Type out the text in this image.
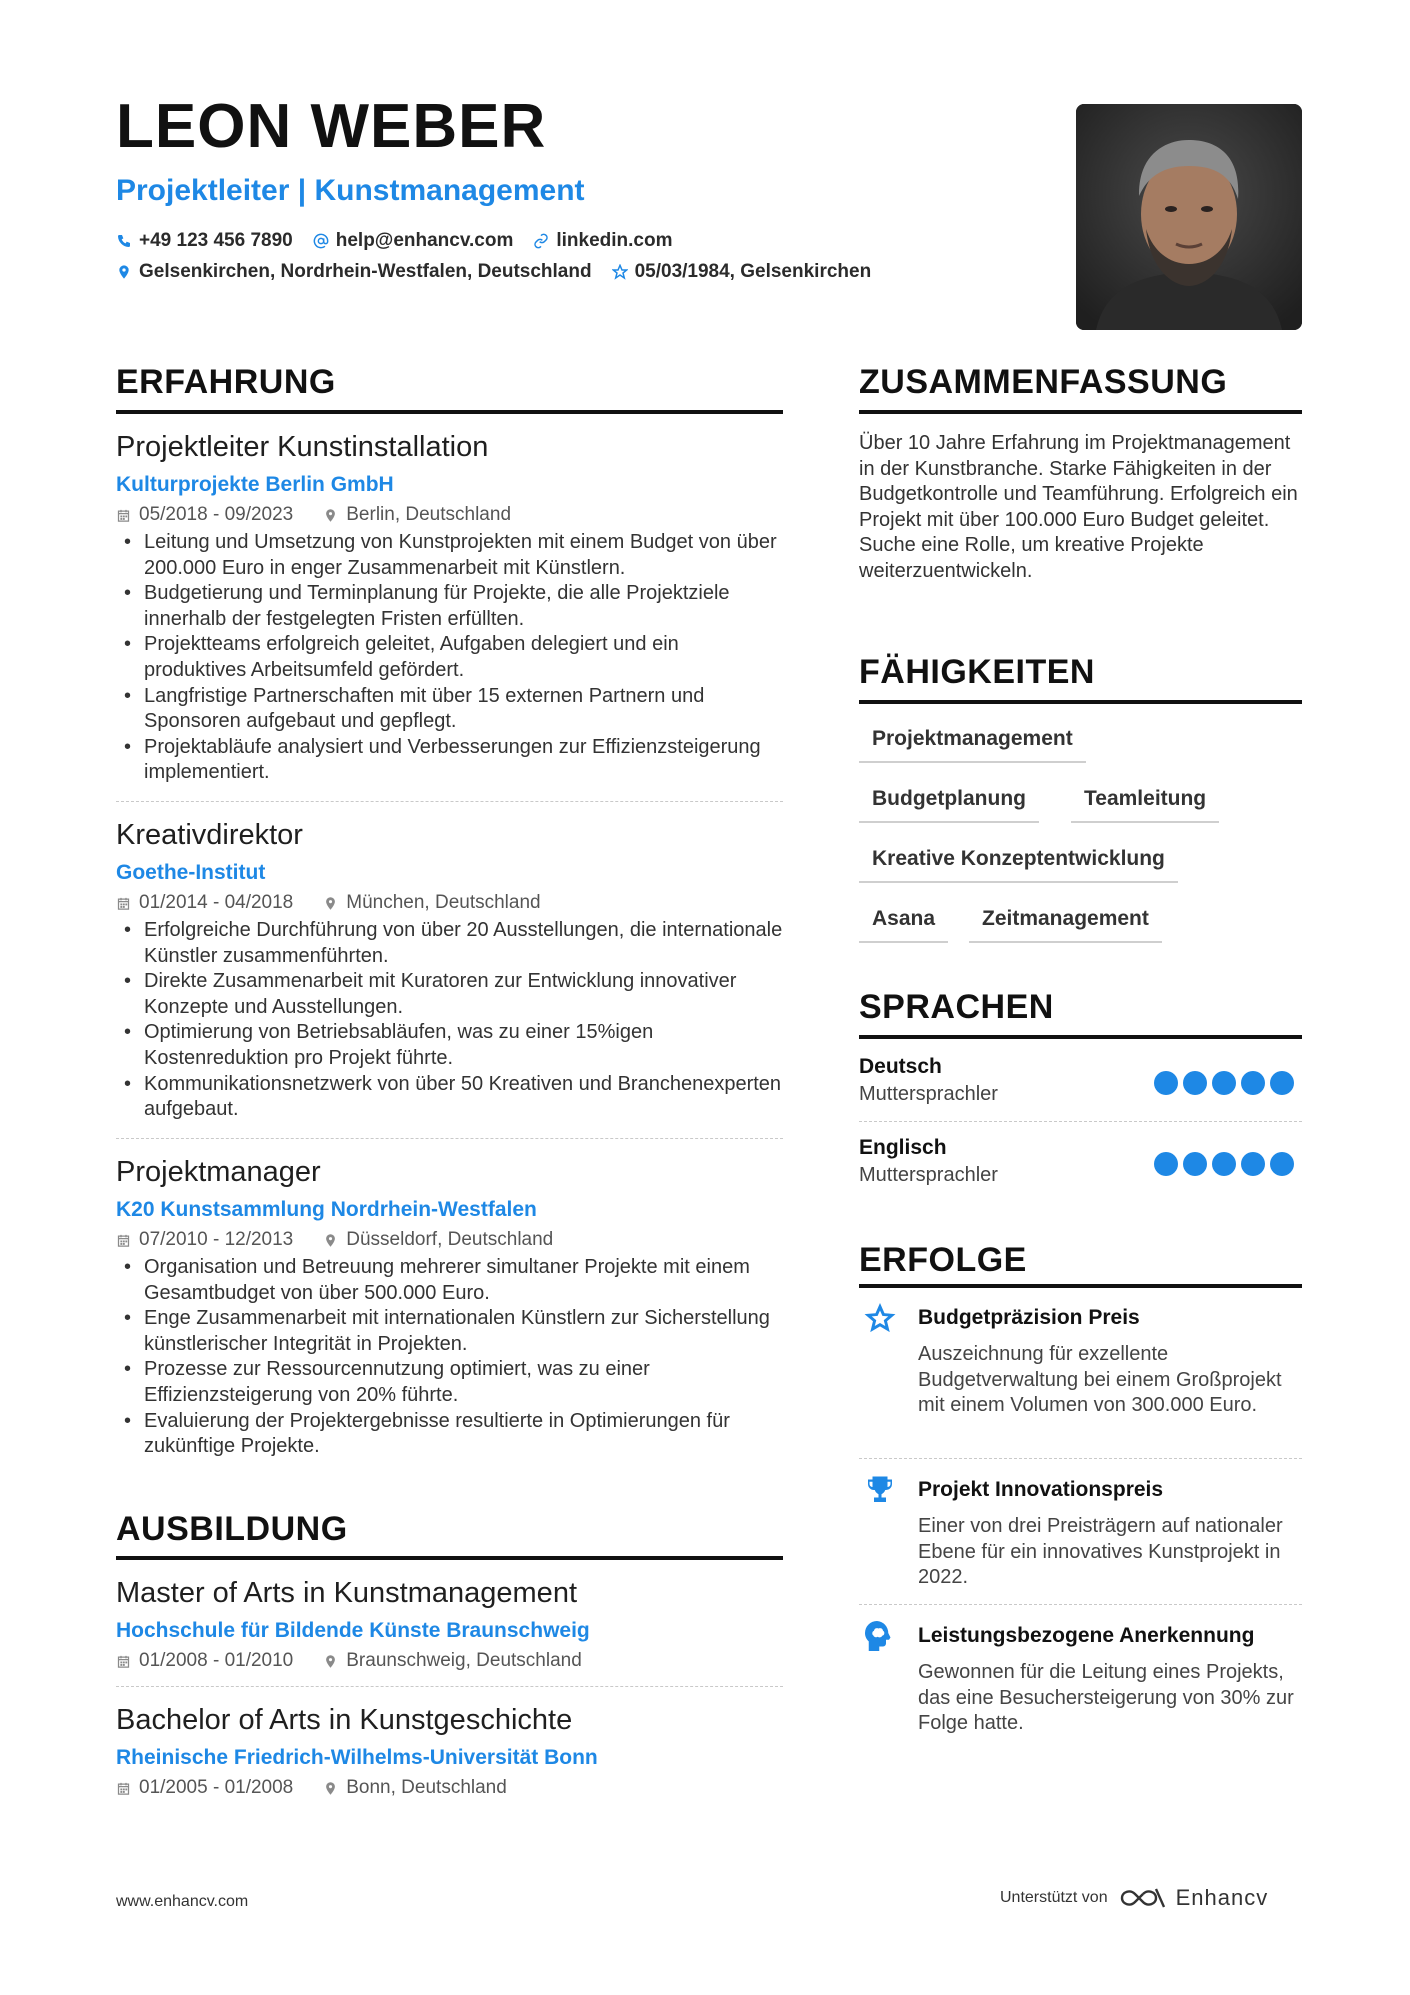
LEON WEBER
Projektleiter | Kunstmanagement
+49 123 456 7890 help@enhancv.com linkedin.com
Gelsenkirchen, Nordrhein-Westfalen, Deutschland 05/03/1984, Gelsenkirchen
ERFAHRUNG
Projektleiter Kunstinstallation
Kulturprojekte Berlin GmbH
05/2018 - 09/2023	Berlin, Deutschland
• Leitung und Umsetzung von Kunstprojekten mit einem Budget von über 200.000 Euro in enger Zusammenarbeit mit Künstlern.
• Budgetierung und Terminplanung für Projekte, die alle Projektziele innerhalb der festgelegten Fristen erfüllten.
• Projektteams erfolgreich geleitet, Aufgaben delegiert und ein produktives Arbeitsumfeld gefördert.
• Langfristige Partnerschaften mit über 15 externen Partnern und Sponsoren aufgebaut und gepflegt.
• Projektabläufe analysiert und Verbesserungen zur Effizienzsteigerung implementiert.
Kreativdirektor
Goethe-Institut
01/2014 - 04/2018	München, Deutschland
• Erfolgreiche Durchführung von über 20 Ausstellungen, die internationale Künstler zusammenführten.
• Direkte Zusammenarbeit mit Kuratoren zur Entwicklung innovativer Konzepte und Ausstellungen.
• Optimierung von Betriebsabläufen, was zu einer 15%igen Kostenreduktion pro Projekt führte.
• Kommunikationsnetzwerk von über 50 Kreativen und Branchenexperten aufgebaut.
Projektmanager
K20 Kunstsammlung Nordrhein-Westfalen
07/2010 - 12/2013	Düsseldorf, Deutschland
• Organisation und Betreuung mehrerer simultaner Projekte mit einem Gesamtbudget von über 500.000 Euro.
• Enge Zusammenarbeit mit internationalen Künstlern zur Sicherstellung künstlerischer Integrität in Projekten.
• Prozesse zur Ressourcennutzung optimiert, was zu einer Effizienzsteigerung von 20% führte.
• Evaluierung der Projektergebnisse resultierte in Optimierungen für zukünftige Projekte.
AUSBILDUNG
Master of Arts in Kunstmanagement
Hochschule für Bildende Künste Braunschweig
01/2008 - 01/2010	Braunschweig, Deutschland
Bachelor of Arts in Kunstgeschichte
Rheinische Friedrich-Wilhelms-Universität Bonn
01/2005 - 01/2008	Bonn, Deutschland
ZUSAMMENFASSUNG

Über 10 Jahre Erfahrung im Projektmanagement in der Kunstbranche. Starke Fähigkeiten in der Budgetkontrolle und Teamführung. Erfolgreich ein Projekt mit über 100.000 Euro Budget geleitet. Suche eine Rolle, um kreative Projekte weiterzuentwickeln.

FÄHIGKEITEN
Projektmanagement
Budgetplanung	Teamleitung
Kreative Konzeptentwicklung
Asana	Zeitmanagement
SPRACHEN
Deutsch
Muttersprachler
Englisch
Muttersprachler
ERFOLGE
Budgetpräzision Preis

Auszeichnung für exzellente Budgetverwaltung bei einem Großprojekt mit einem Volumen von 300.000 Euro.

Projekt Innovationspreis

Einer von drei Preisträgern auf nationaler Ebene für ein innovatives Kunstprojekt in 2022.

Leistungsbezogene Anerkennung

Gewonnen für die Leitung eines Projekts, das eine Besuchersteigerung von 30% zur Folge hatte.

www.enhancv.com	Unterstützt von	Enhancv
